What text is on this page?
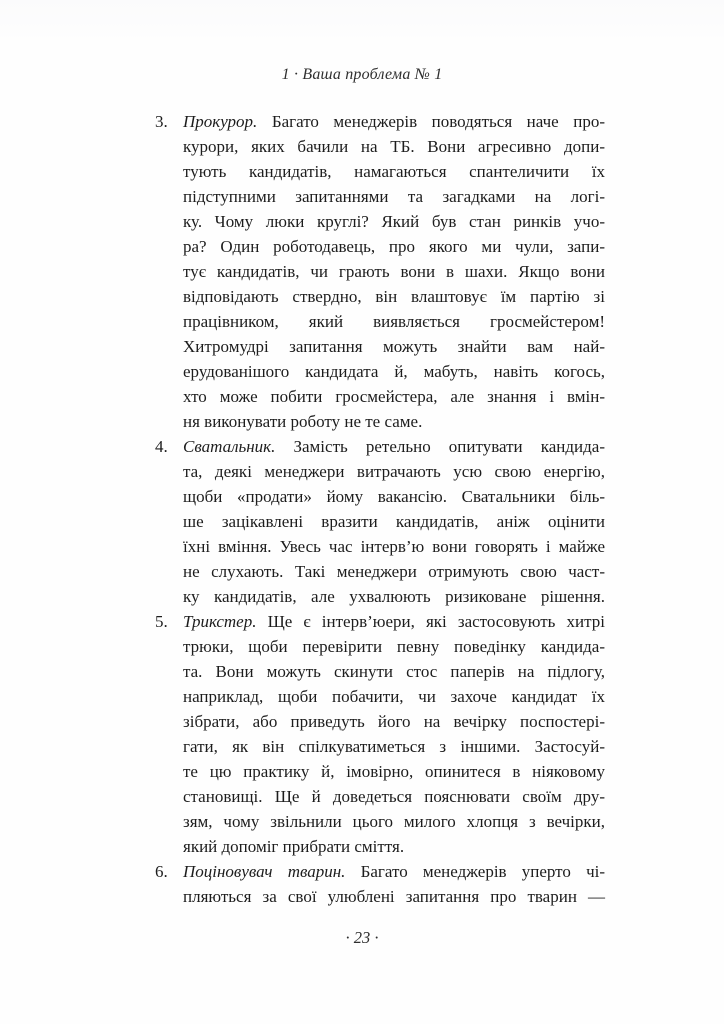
1 · Ваша проблема № 1
3. Прокурор. Багато менеджерів поводяться наче про-
курори, яких бачили на ТБ. Вони агресивно допи-
тують кандидатів, намагаються спантеличити їх
підступними запитаннями та загадками на логі-
ку. Чому люки круглі? Який був стан ринків учо-
ра? Один роботодавець, про якого ми чули, запи-
тує кандидатів, чи грають вони в шахи. Якщо вони
відповідають ствердно, він влаштовує їм партію зі
працівником, який виявляється гросмейстером!
Хитромудрі запитання можуть знайти вам най-
ерудованішого кандидата й, мабуть, навіть когось,
хто може побити гросмейстера, але знання і вмін-
ня виконувати роботу не те саме.
4. Сватальник. Замість ретельно опитувати кандида-
та, деякі менеджери витрачають усю свою енергію,
щоби «продати» йому вакансію. Сватальники біль-
ше зацікавлені вразити кандидатів, аніж оцінити
їхні вміння. Увесь час інтерв’ю вони говорять і майже
не слухають. Такі менеджери отримують свою част-
ку кандидатів, але ухвалюють ризиковане рішення.
5. Трикстер. Ще є інтерв’юери, які застосовують хитрі
трюки, щоби перевірити певну поведінку кандида-
та. Вони можуть скинути стос паперів на підлогу,
наприклад, щоби побачити, чи захоче кандидат їх
зібрати, або приведуть його на вечірку поспостері-
гати, як він спілкуватиметься з іншими. Застосуй-
те цю практику й, імовірно, опинитеся в ніяковому
становищі. Ще й доведеться пояснювати своїм дру-
зям, чому звільнили цього милого хлопця з вечірки,
який допоміг прибрати сміття.
6. Поціновувач тварин. Багато менеджерів уперто чі-
пляються за свої улюблені запитання про тварин —
· 23 ·
